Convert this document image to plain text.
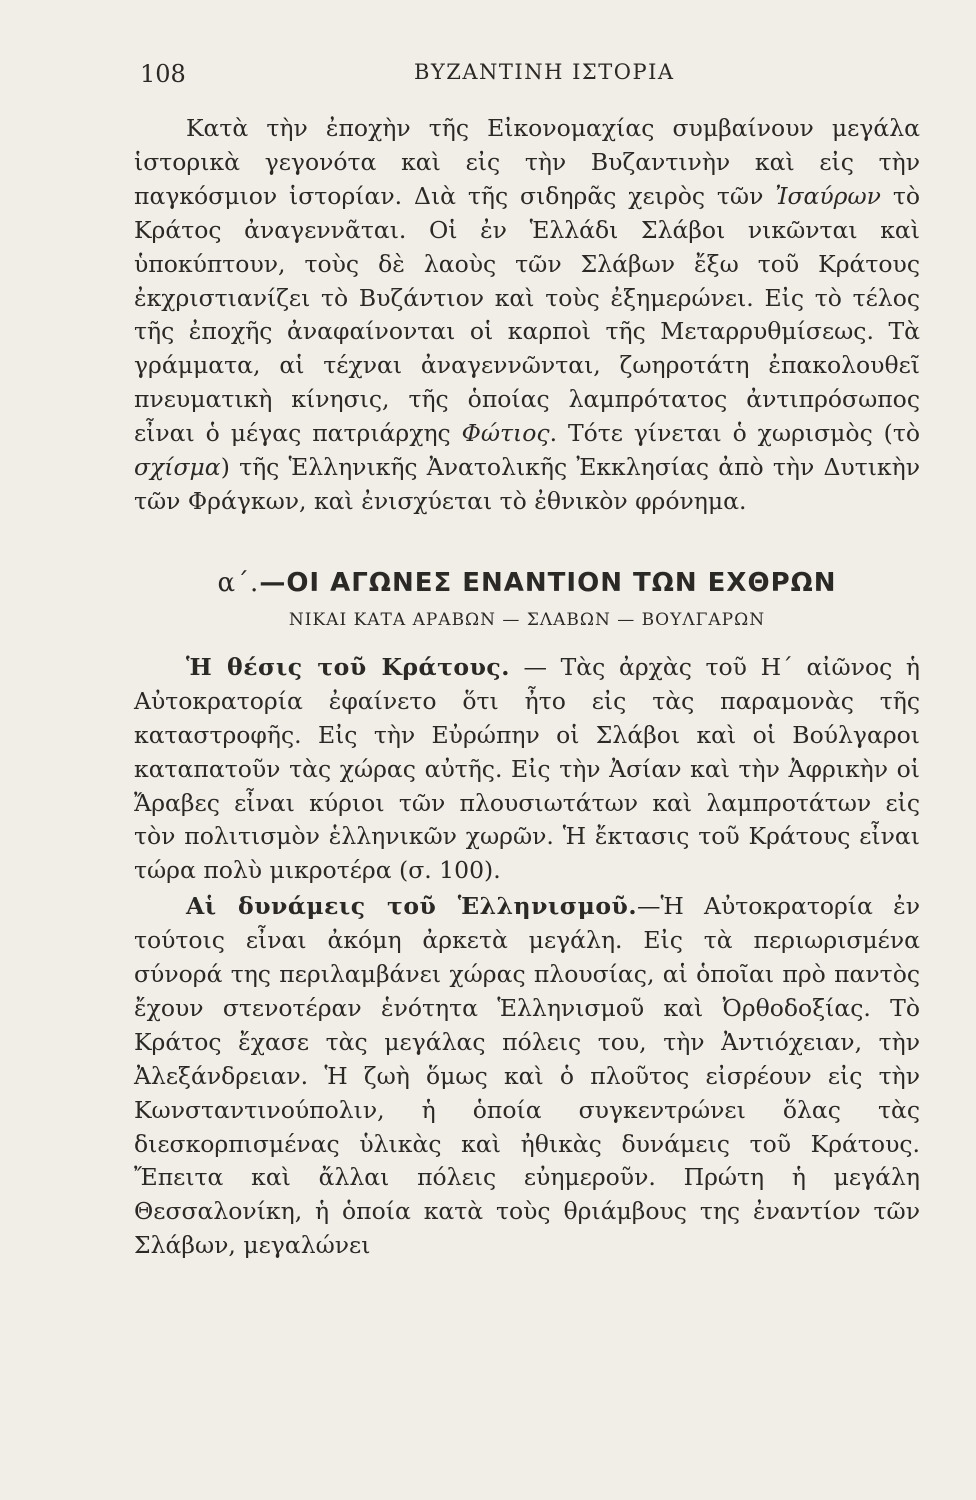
108	ΒΥΖΑΝΤΙΝΗ ΙΣΤΟΡΙΑ

Κατὰ τὴν ἐποχὴν τῆς Εἰκονομαχίας συμβαίνουν μεγάλα ἱστορικὰ γεγονότα καὶ εἰς τὴν Βυζαντινὴν καὶ εἰς τὴν παγκόσμιον ἱστορίαν. Διὰ τῆς σιδηρᾶς χειρὸς τῶν Ἰσαύρων τὸ Κράτος ἀναγεννᾶται. Οἱ ἐν Ἑλλάδι Σλάβοι νικῶνται καὶ ὑποκύπτουν, τοὺς δὲ λαοὺς τῶν Σλάβων ἔξω τοῦ Κράτους ἐκχριστιανίζει τὸ Βυζάντιον καὶ τοὺς ἐξημερώνει. Εἰς τὸ τέλος τῆς ἐποχῆς ἀναφαίνονται οἱ καρποὶ τῆς Μεταρρυθμίσεως. Τὰ γράμματα, αἱ τέχναι ἀναγεννῶνται, ζωηροτάτη ἐπακολουθεῖ πνευματικὴ κίνησις, τῆς ὁποίας λαμπρότατος ἀντιπρόσωπος εἶναι ὁ μέγας πατριάρχης Φώτιος. Τότε γίνεται ὁ χωρισμὸς (τὸ σχίσμα) τῆς Ἑλληνικῆς Ἀνατολικῆς Ἐκκλησίας ἀπὸ τὴν Δυτικὴν τῶν Φράγκων, καὶ ἐνισχύεται τὸ ἐθνικὸν φρόνημα.

α΄.—ΟΙ ΑΓΩΝΕΣ ΕΝΑΝΤΙΟΝ ΤΩΝ ΕΧΘΡΩΝ
ΝΙΚΑΙ ΚΑΤΑ ΑΡΑΒΩΝ — ΣΛΑΒΩΝ — ΒΟΥΛΓΑΡΩΝ

Ἡ θέσις τοῦ Κράτους. — Τὰς ἀρχὰς τοῦ Η΄ αἰῶνος ἡ Αὐτοκρατορία ἐφαίνετο ὅτι ἦτο εἰς τὰς παραμονὰς τῆς καταστροφῆς. Εἰς τὴν Εὐρώπην οἱ Σλάβοι καὶ οἱ Βούλγαροι καταπατοῦν τὰς χώρας αὐτῆς. Εἰς τὴν Ἀσίαν καὶ τὴν Ἀφρικὴν οἱ Ἄραβες εἶναι κύριοι τῶν πλουσιωτάτων καὶ λαμπροτάτων εἰς τὸν πολιτισμὸν ἑλληνικῶν χωρῶν. Ἡ ἔκτασις τοῦ Κράτους εἶναι τώρα πολὺ μικροτέρα (σ. 100).

Αἱ δυνάμεις τοῦ Ἑλληνισμοῦ.—Ἡ Αὐτοκρατορία ἐν τούτοις εἶναι ἀκόμη ἀρκετὰ μεγάλη. Εἰς τὰ περιωρισμένα σύνορά της περιλαμβάνει χώρας πλουσίας, αἱ ὁποῖαι πρὸ παντὸς ἔχουν στενοτέραν ἑνότητα Ἑλληνισμοῦ καὶ Ὀρθοδοξίας. Τὸ Κράτος ἔχασε τὰς μεγάλας πόλεις του, τὴν Ἀντιόχειαν, τὴν Ἀλεξάνδρειαν. Ἡ ζωὴ ὅμως καὶ ὁ πλοῦτος εἰσρέουν εἰς τὴν Κωνσταντινούπολιν, ἡ ὁποία συγκεντρώνει ὅλας τὰς διεσκορπισμένας ὑλικὰς καὶ ἠθικὰς δυνάμεις τοῦ Κράτους. Ἔπειτα καὶ ἄλλαι πόλεις εὐημεροῦν. Πρώτη ἡ μεγάλη Θεσσαλονίκη, ἡ ὁποία κατὰ τοὺς θριάμβους της ἐναντίον τῶν Σλάβων, μεγαλώνει
